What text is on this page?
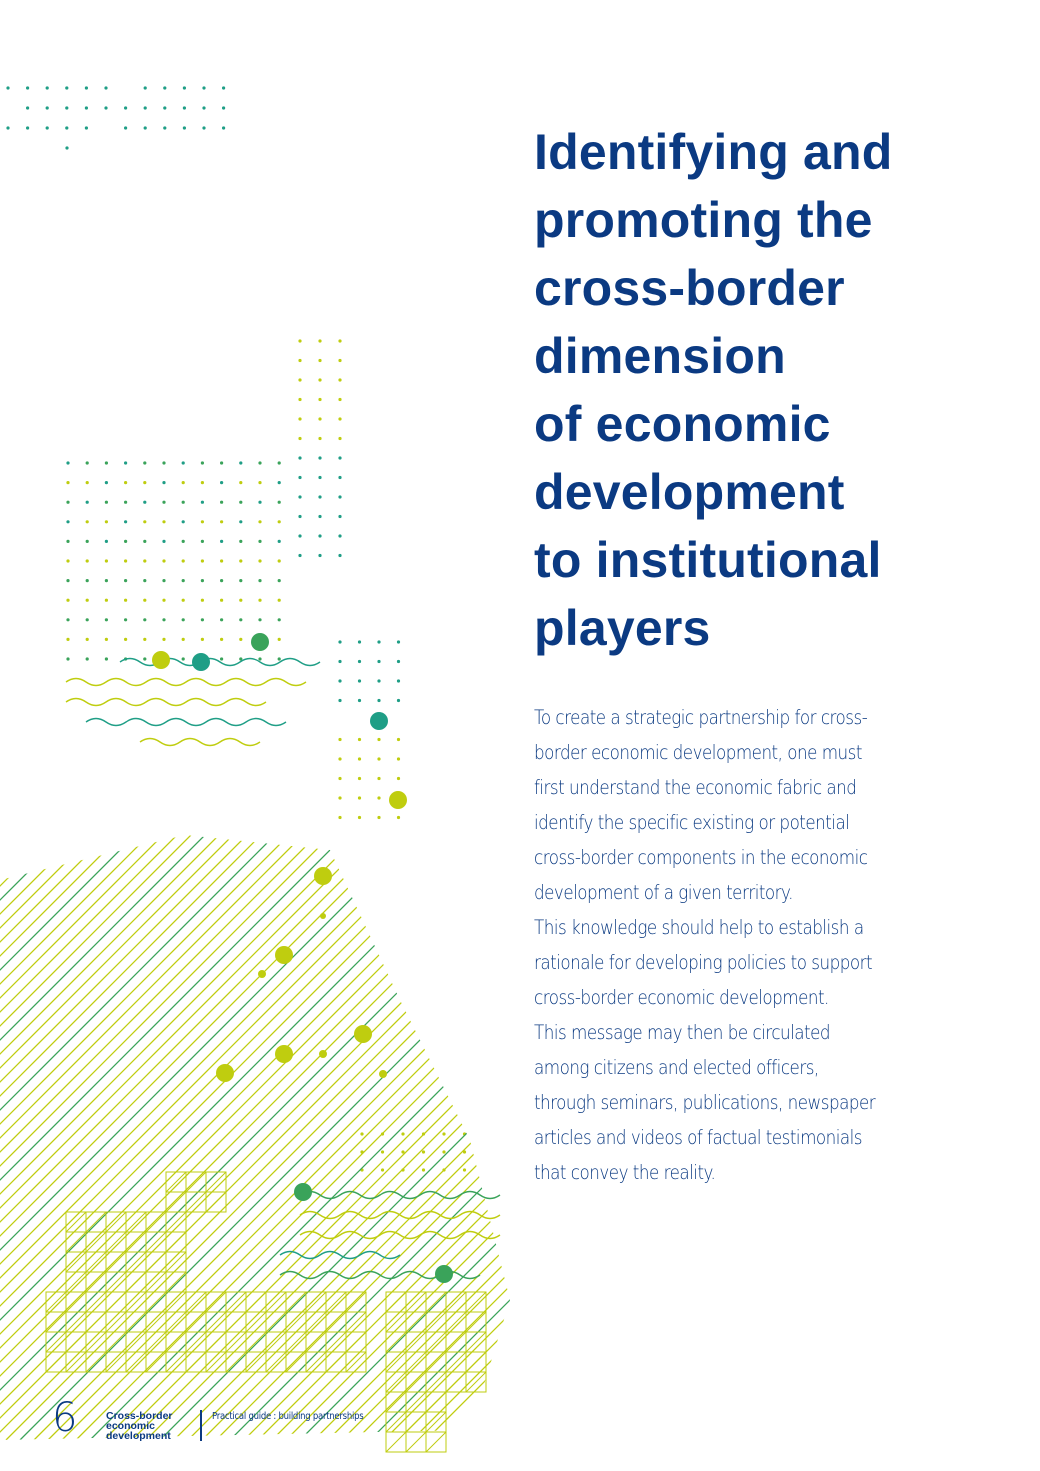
Identifying and
promoting the
cross-border
dimension
of economic
development
to institutional
players

To create a strategic partnership for cross-border economic development, one must first understand the economic fabric and identify the specific existing or potential cross-border components in the economic development of a given territory.

This knowledge should help to establish a rationale for developing policies to support cross-border economic development.

This message may then be circulated among citizens and elected officers, through seminars, publications, newspaper articles and videos of factual testimonials that convey the reality.

6	Cross-border
economic
development
Practical guide : building partnerships
